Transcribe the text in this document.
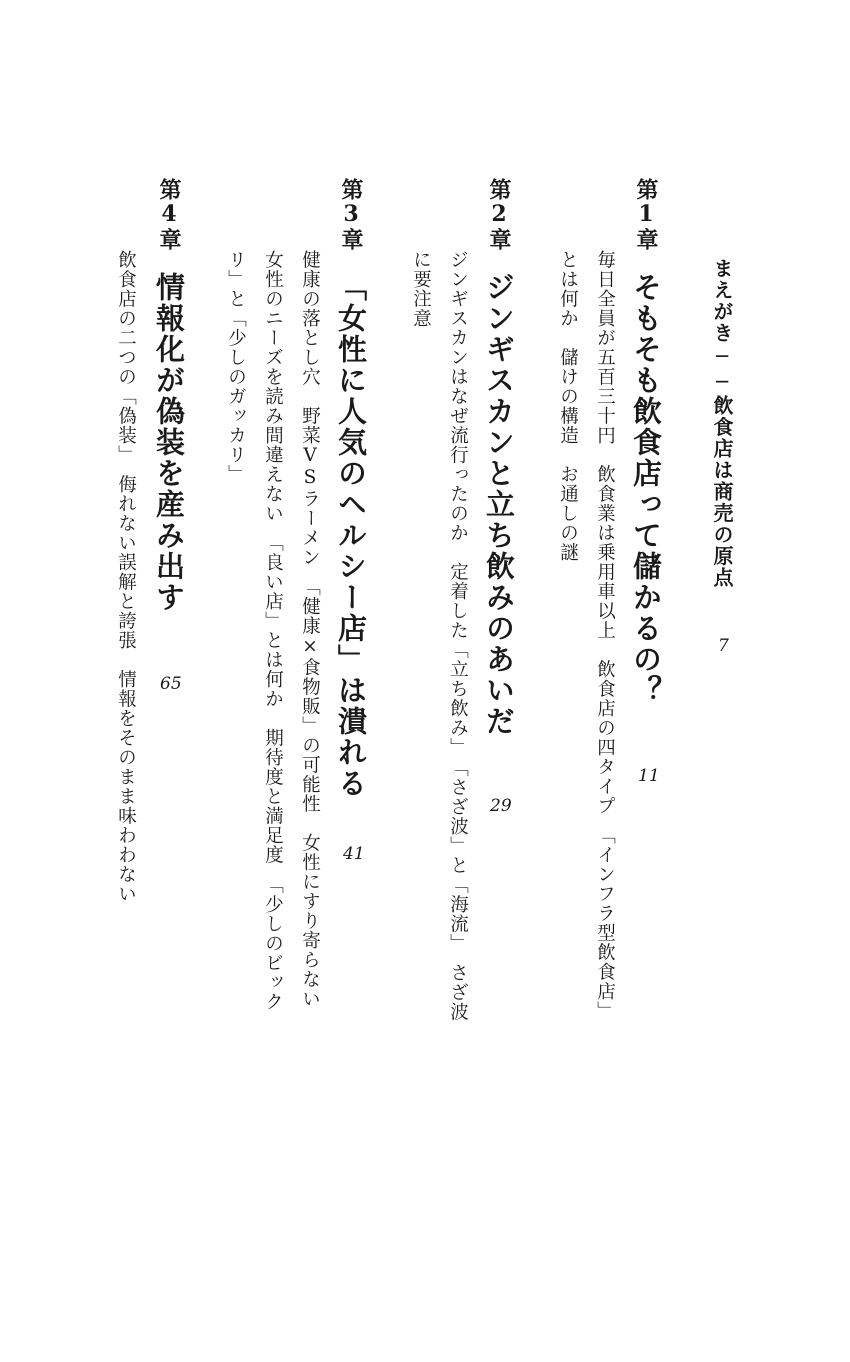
まえがき──飲食店は商売の原点
7
第1章
そもそも飲食店って儲かるの？
11
毎日全員が五百三十円　飲食業は乗用車以上　飲食店の四タイプ　「インフラ型飲食店」
とは何か　儲けの構造　お通しの謎
第2章
ジンギスカンと立ち飲みのあいだ
29
ジンギスカンはなぜ流行ったのか　定着した「立ち飲み」　「さざ波」と「海流」　さざ波
に要注意
第3章
「女性に人気のヘルシー店」は潰れる
41
健康の落とし穴　野菜VSラーメン　「健康×食物販」の可能性　女性にすり寄らない
女性のニーズを読み間違えない　「良い店」とは何か　期待度と満足度　「少しのビック
リ」と「少しのガッカリ」
第4章
情報化が偽装を産み出す
65
飲食店の二つの「偽装」　侮れない誤解と誇張　情報をそのまま味わわない
